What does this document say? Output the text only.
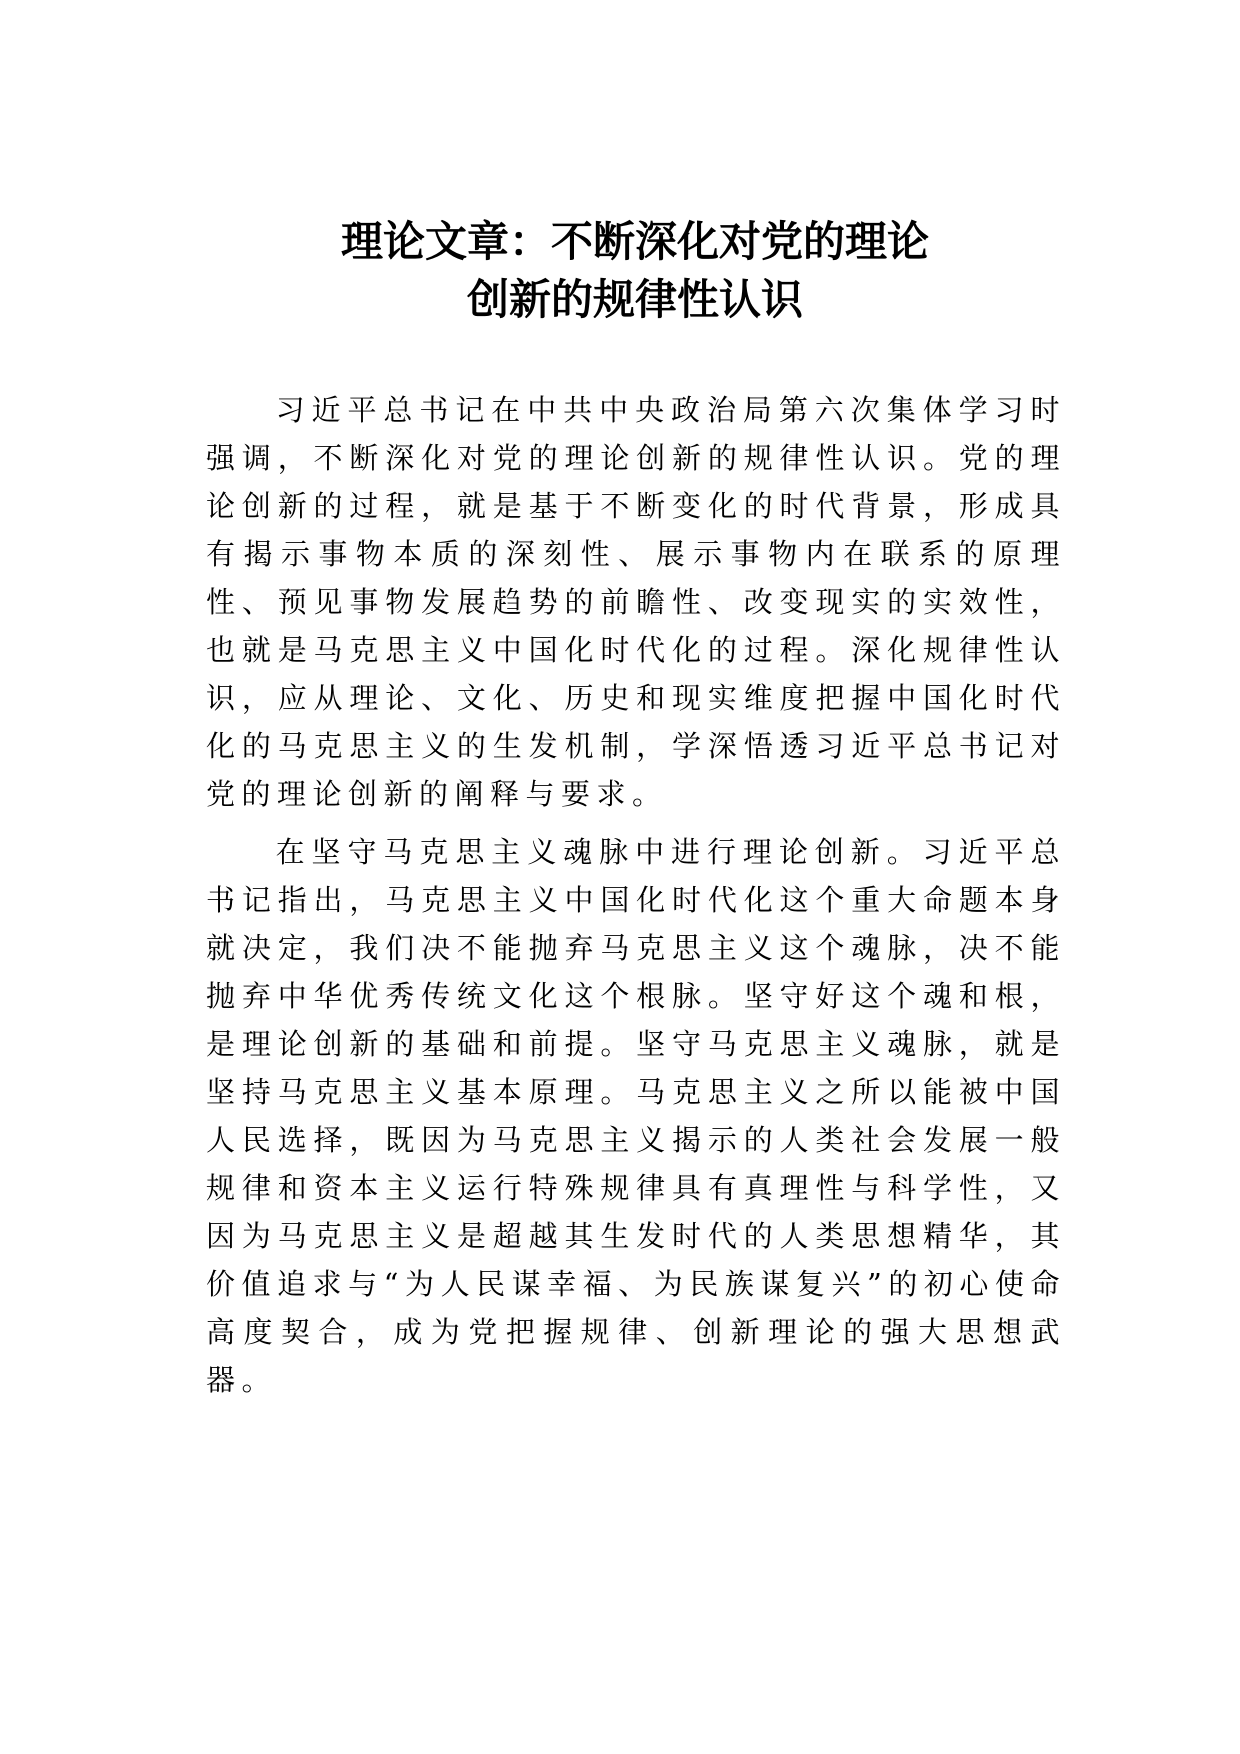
理论文章：不断深化对党的理论
创新的规律性认识

习近平总书记在中共中央政治局第六次集体学习时强调，不断深化对党的理论创新的规律性认识。党的理论创新的过程，就是基于不断变化的时代背景，形成具有揭示事物本质的深刻性、展示事物内在联系的原理性、预见事物发展趋势的前瞻性、改变现实的实效性，也就是马克思主义中国化时代化的过程。深化规律性认识，应从理论、文化、历史和现实维度把握中国化时代化的马克思主义的生发机制，学深悟透习近平总书记对党的理论创新的阐释与要求。

在坚守马克思主义魂脉中进行理论创新。习近平总书记指出，马克思主义中国化时代化这个重大命题本身就决定，我们决不能抛弃马克思主义这个魂脉，决不能抛弃中华优秀传统文化这个根脉。坚守好这个魂和根，是理论创新的基础和前提。坚守马克思主义魂脉，就是坚持马克思主义基本原理。马克思主义之所以能被中国人民选择，既因为马克思主义揭示的人类社会发展一般规律和资本主义运行特殊规律具有真理性与科学性，又因为马克思主义是超越其生发时代的人类思想精华，其价值追求与“为人民谋幸福、为民族谋复兴”的初心使命高度契合，成为党把握规律、创新理论的强大思想武器。
